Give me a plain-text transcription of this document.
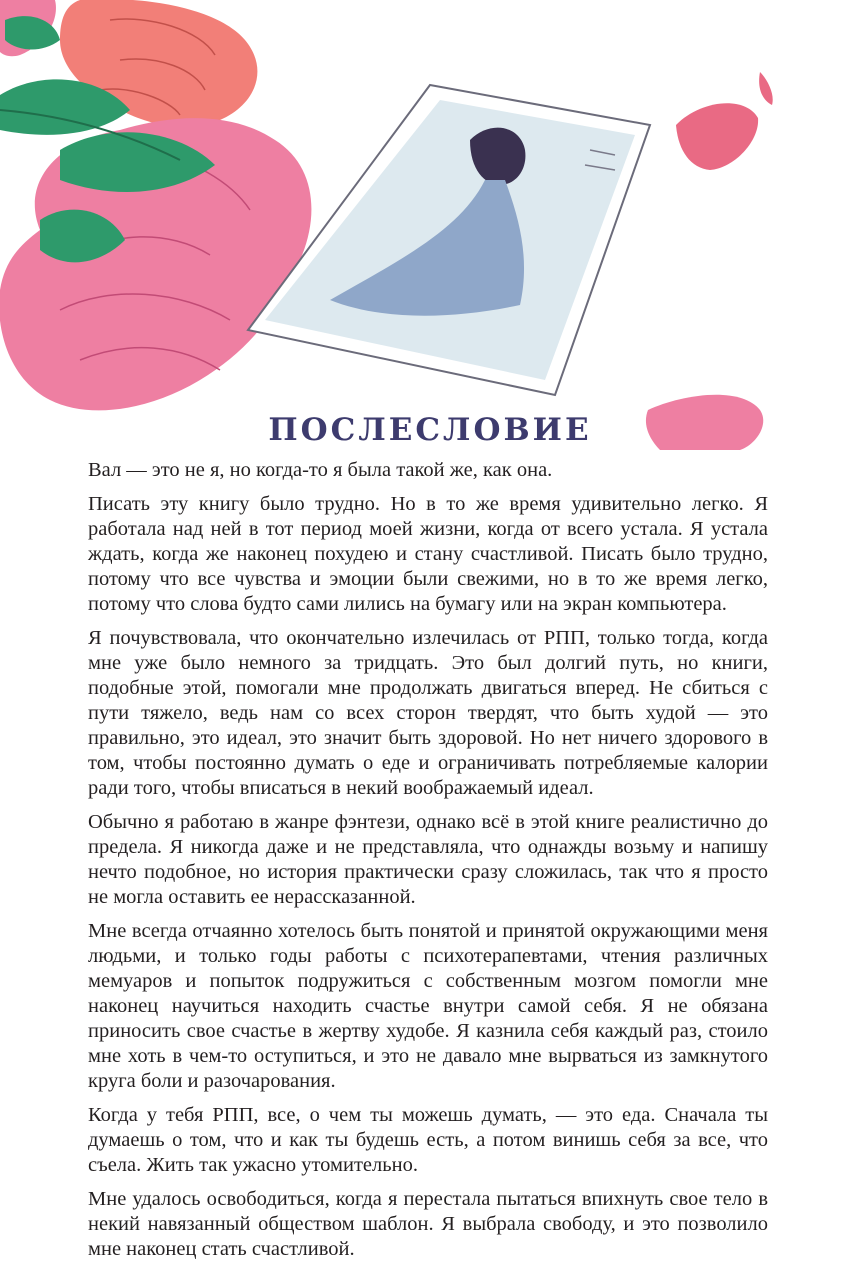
ПОСЛЕСЛОВИЕ

Вал — это не я, но когда-то я была такой же, как она.

Писать эту книгу было трудно. Но в то же время удивительно легко. Я работала над ней в тот период моей жизни, когда от всего устала. Я устала ждать, когда же наконец похудею и стану счастливой. Писать было трудно, потому что все чувства и эмоции были свежими, но в то же время легко, потому что слова будто сами лились на бумагу или на экран компьютера.

Я почувствовала, что окончательно излечилась от РПП, только тогда, когда мне уже было немного за тридцать. Это был долгий путь, но книги, подобные этой, помогали мне продолжать двигаться вперед. Не сбиться с пути тяжело, ведь нам со всех сторон твердят, что быть худой — это правильно, это идеал, это значит быть здоровой. Но нет ничего здорового в том, чтобы постоянно думать о еде и ограничивать потребляемые калории ради того, чтобы вписаться в некий воображаемый идеал.

Обычно я работаю в жанре фэнтези, однако всё в этой книге реалистично до предела. Я никогда даже и не представляла, что однажды возьму и напишу нечто подобное, но история практически сразу сложилась, так что я просто не могла оставить ее нерассказанной.

Мне всегда отчаянно хотелось быть понятой и принятой окружающими меня людьми, и только годы работы с психотерапевтами, чтения различных мемуаров и попыток подружиться с собственным мозгом помогли мне наконец научиться находить счастье внутри самой себя. Я не обязана приносить свое счастье в жертву худобе. Я казнила себя каждый раз, стоило мне хоть в чем-то оступиться, и это не давало мне вырваться из замкнутого круга боли и разочарования.

Когда у тебя РПП, все, о чем ты можешь думать, — это еда. Сначала ты думаешь о том, что и как ты будешь есть, а потом винишь себя за все, что съела. Жить так ужасно утомительно.

Мне удалось освободиться, когда я перестала пытаться впихнуть свое тело в некий навязанный обществом шаблон. Я выбрала свободу, и это позволило мне наконец стать счастливой.
